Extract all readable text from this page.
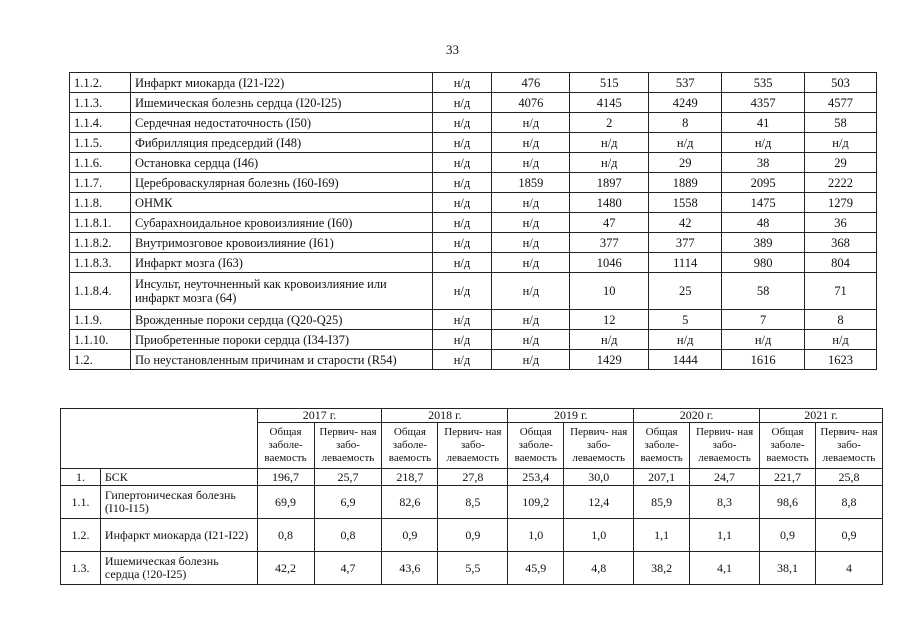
33
1.1.2.	Инфаркт миокарда (I21-I22)	н/д	476	515	537	535	503
1.1.3.	Ишемическая болезнь сердца (I20-I25)	н/д	4076	4145	4249	4357	4577
1.1.4.	Сердечная недостаточность (I50)	н/д	н/д	2	8	41	58
1.1.5.	Фибрилляция предсердий (I48)	н/д	н/д	н/д	н/д	н/д	н/д
1.1.6.	Остановка сердца (I46)	н/д	н/д	н/д	29	38	29
1.1.7.	Цереброваскулярная болезнь (I60-I69)	н/д	1859	1897	1889	2095	2222
1.1.8.	ОНМК	н/д	н/д	1480	1558	1475	1279
1.1.8.1.	Субарахноидальное кровоизлияние (I60)	н/д	н/д	47	42	48	36
1.1.8.2.	Внутримозговое кровоизлияние (I61)	н/д	н/д	377	377	389	368
1.1.8.3.	Инфаркт мозга (I63)	н/д	н/д	1046	1114	980	804
1.1.8.4.	Инсульт, неуточненный как кровоизлияние или инфаркт мозга (64)	н/д	н/д	10	25	58	71
1.1.9.	Врожденные пороки сердца (Q20-Q25)	н/д	н/д	12	5	7	8
1.1.10.	Приобретенные пороки сердца (I34-I37)	н/д	н/д	н/д	н/д	н/д	н/д
1.2.	По неустановленным причинам и старости (R54)	н/д	н/д	1429	1444	1616	1623
		2017 г.		2018 г.		2019 г.		2020 г.		2021 г.	
		Общая заболе- ваемость	Первич- ная забо- леваемость	Общая заболе- ваемость	Первич- ная забо- леваемость	Общая заболе- ваемость	Первич- ная забо- леваемость	Общая заболе- ваемость	Первич- ная забо- леваемость	Общая заболе- ваемость	Первич- ная забо- леваемость
1.	БСК	196,7	25,7	218,7	27,8	253,4	30,0	207,1	24,7	221,7	25,8
1.1.	Гипертоническая болезнь (I10-I15)	69,9	6,9	82,6	8,5	109,2	12,4	85,9	8,3	98,6	8,8
1.2.	Инфаркт миокарда (I21-I22)	0,8	0,8	0,9	0,9	1,0	1,0	1,1	1,1	0,9	0,9
1.3.	Ишемическая болезнь сердца (!20-I25)	42,2	4,7	43,6	5,5	45,9	4,8	38,2	4,1	38,1	4
